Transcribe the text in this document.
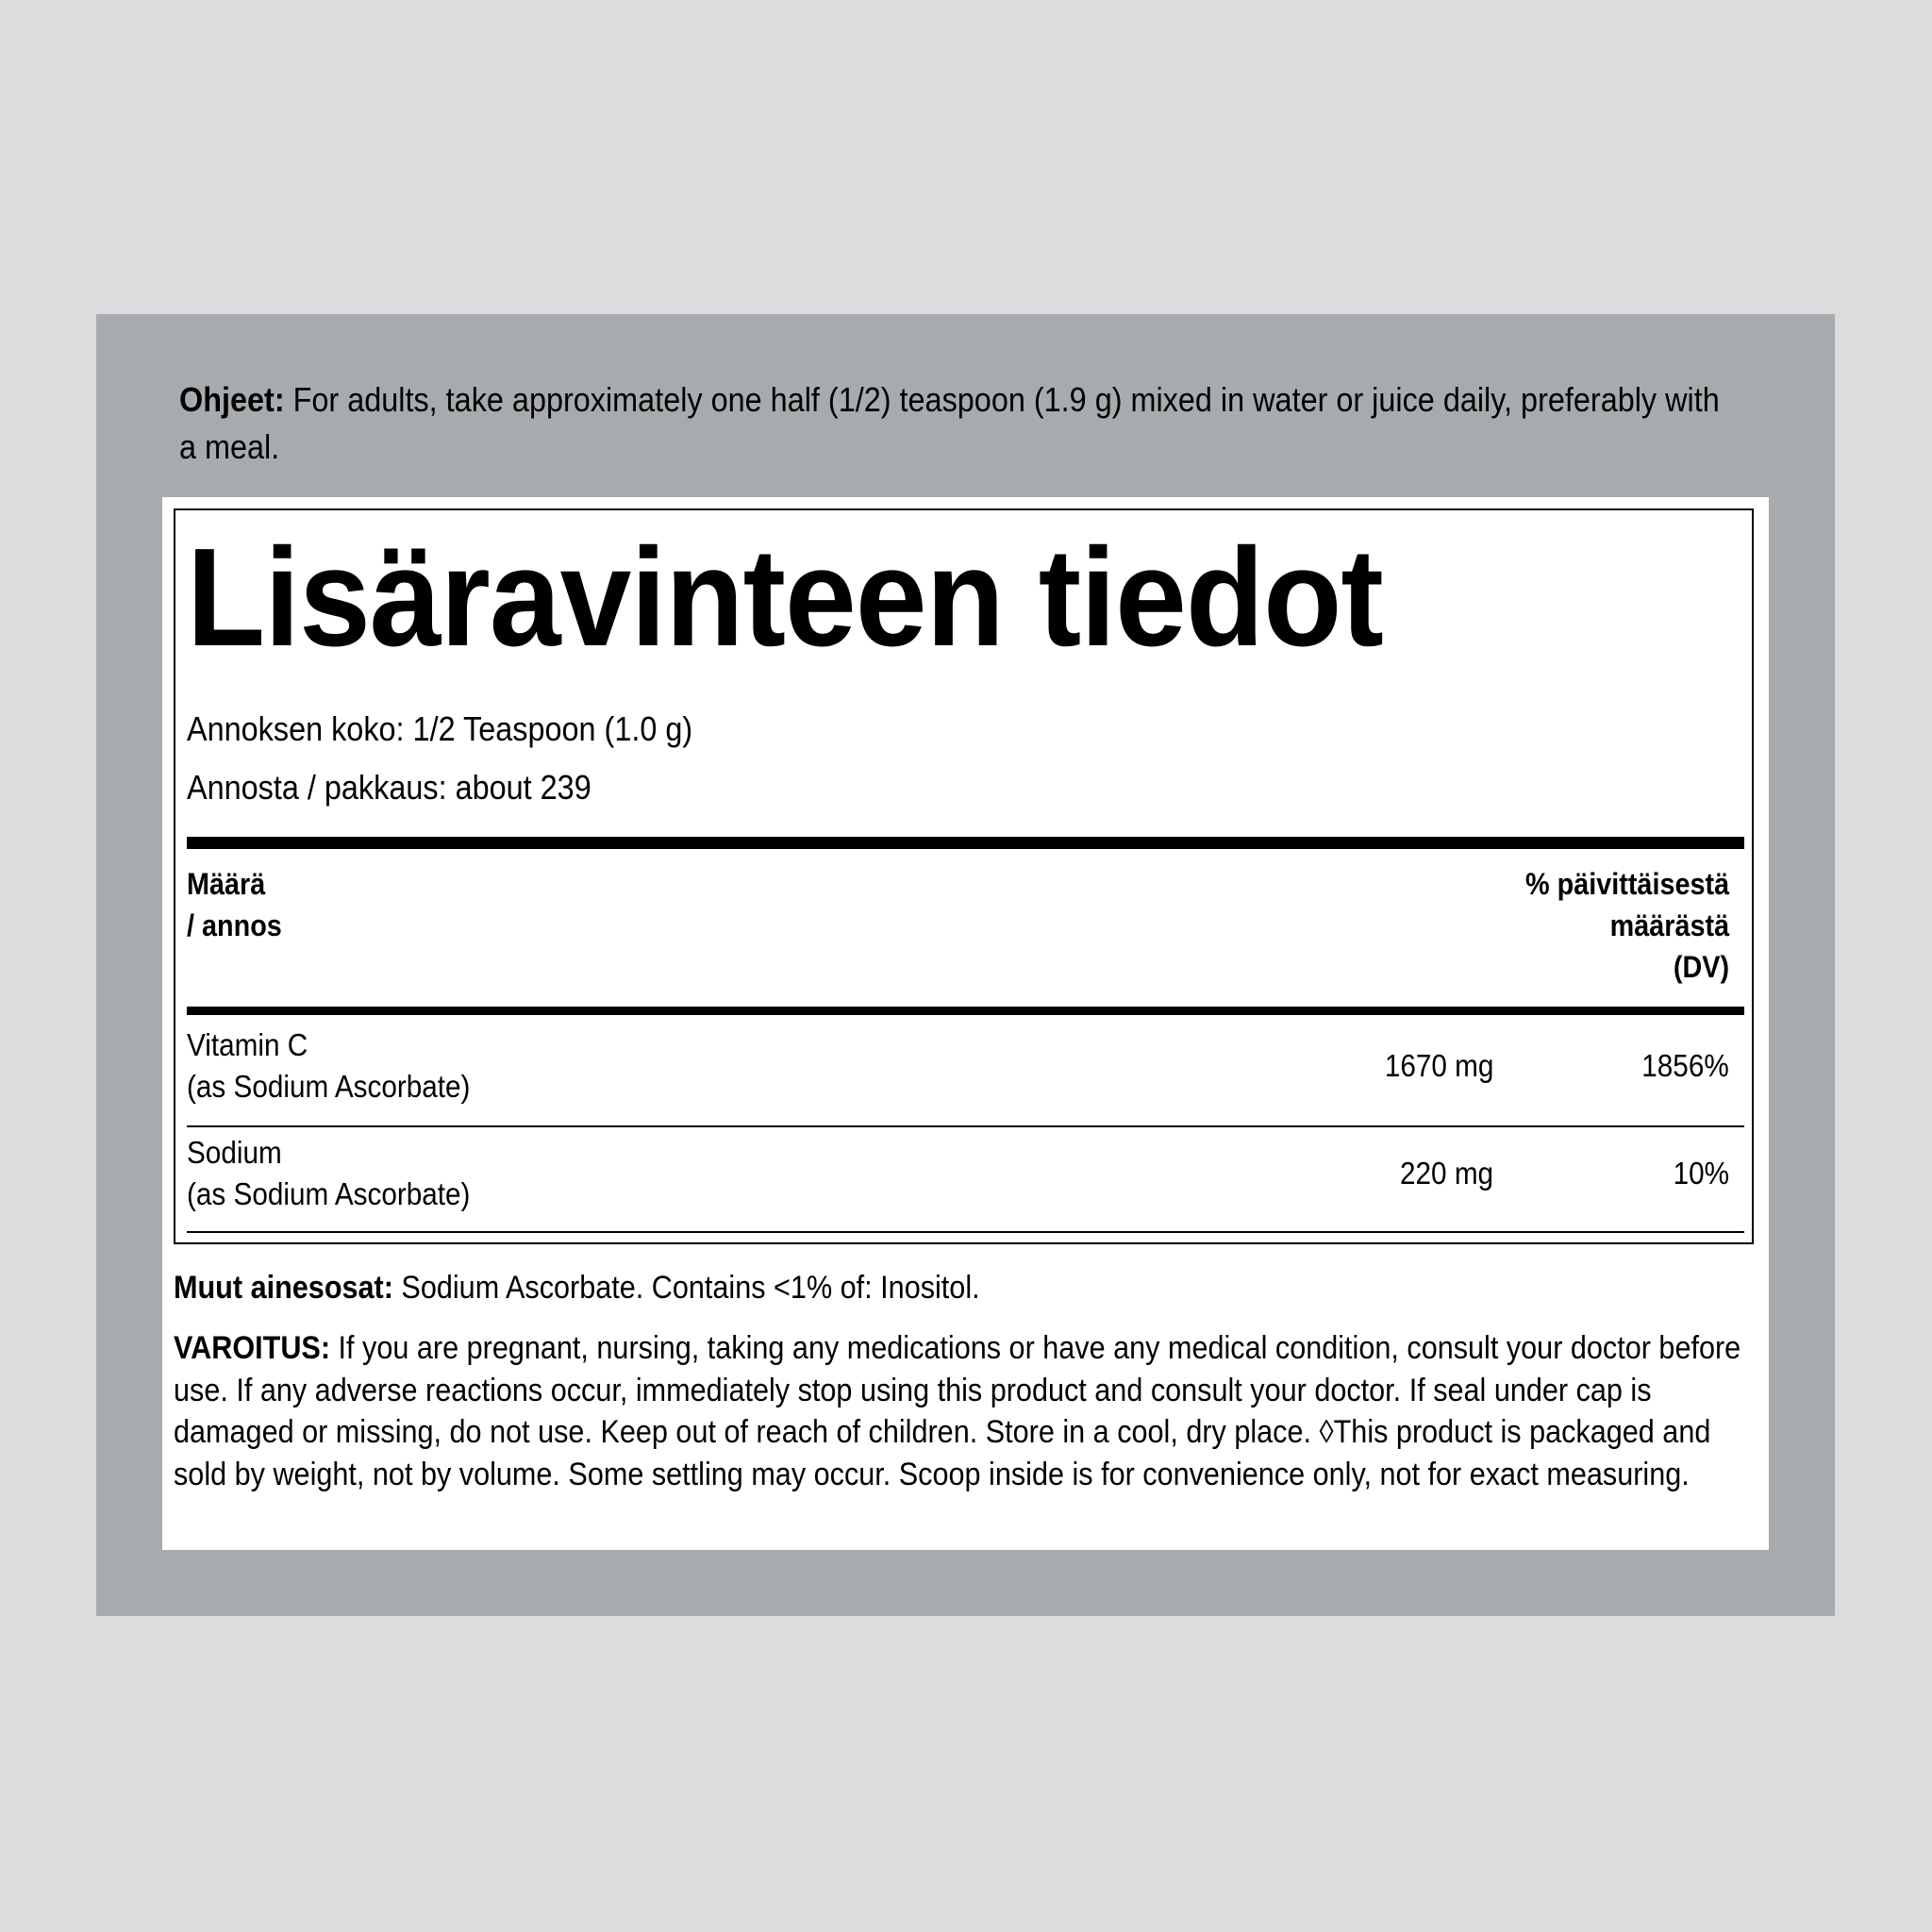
Ohjeet: For adults, take approximately one half (1/2) teaspoon (1.9 g) mixed in water or juice daily, preferably with a meal.
Lisäravinteen tiedot
Annoksen koko: 1/2 Teaspoon (1.0 g)
Annosta / pakkaus: about 239
Määrä
/ annos
% päivittäisestä
määrästä
(DV)
Vitamin C
(as Sodium Ascorbate)
1670 mg	1856%
Sodium
(as Sodium Ascorbate)
220 mg	10%
Muut ainesosat: Sodium Ascorbate. Contains <1% of: Inositol.
VAROITUS: If you are pregnant, nursing, taking any medications or have any medical condition, consult your doctor before use. If any adverse reactions occur, immediately stop using this product and consult your doctor. If seal under cap is damaged or missing, do not use. Keep out of reach of children. Store in a cool, dry place. ◊This product is packaged and sold by weight, not by volume. Some settling may occur. Scoop inside is for convenience only, not for exact measuring.
